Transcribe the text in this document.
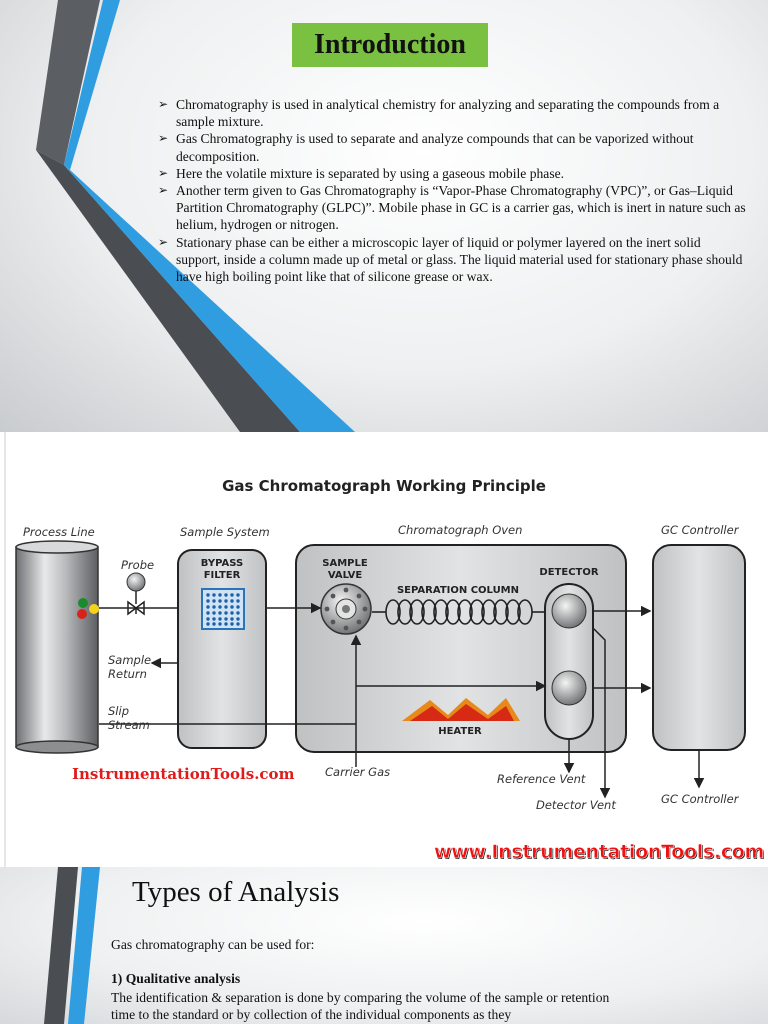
Introduction
➢ Chromatography is used in analytical chemistry for analyzing and separating the compounds from a sample mixture.
➢ Gas Chromatography is used to separate and analyze compounds that can be vaporized without decomposition.
➢ Here the volatile mixture is separated by using a gaseous mobile phase.
➢ Another term given to Gas Chromatography is “Vapor-Phase Chromatography (VPC)”, or Gas–Liquid Partition Chromatography (GLPC)”. Mobile phase in GC is a carrier gas, which is inert in nature such as helium, hydrogen or nitrogen.
➢ Stationary phase can be either a microscopic layer of liquid or polymer layered on the inert solid support, inside a column made up of metal or glass. The liquid material used for stationary phase should have high boiling point like that of silicone grease or wax.
Gas Chromatograph Working Principle
Process Line	Sample System	Chromatograph Oven	GC Controller
Probe	BYPASS FILTER
SAMPLE VALVE
SEPARATION COLUMN
DETECTOR
Sample Return
Slip Stream	HEATER
Carrier Gas	Reference Vent
Detector Vent	GC Controller
InstrumentationTools.com
www.InstrumentationTools.com
Types of Analysis
Gas chromatography can be used for:
1) Qualitative analysis
The identification & separation is done by comparing the volume of the sample or retention time to the standard or by collection of the individual components as they
